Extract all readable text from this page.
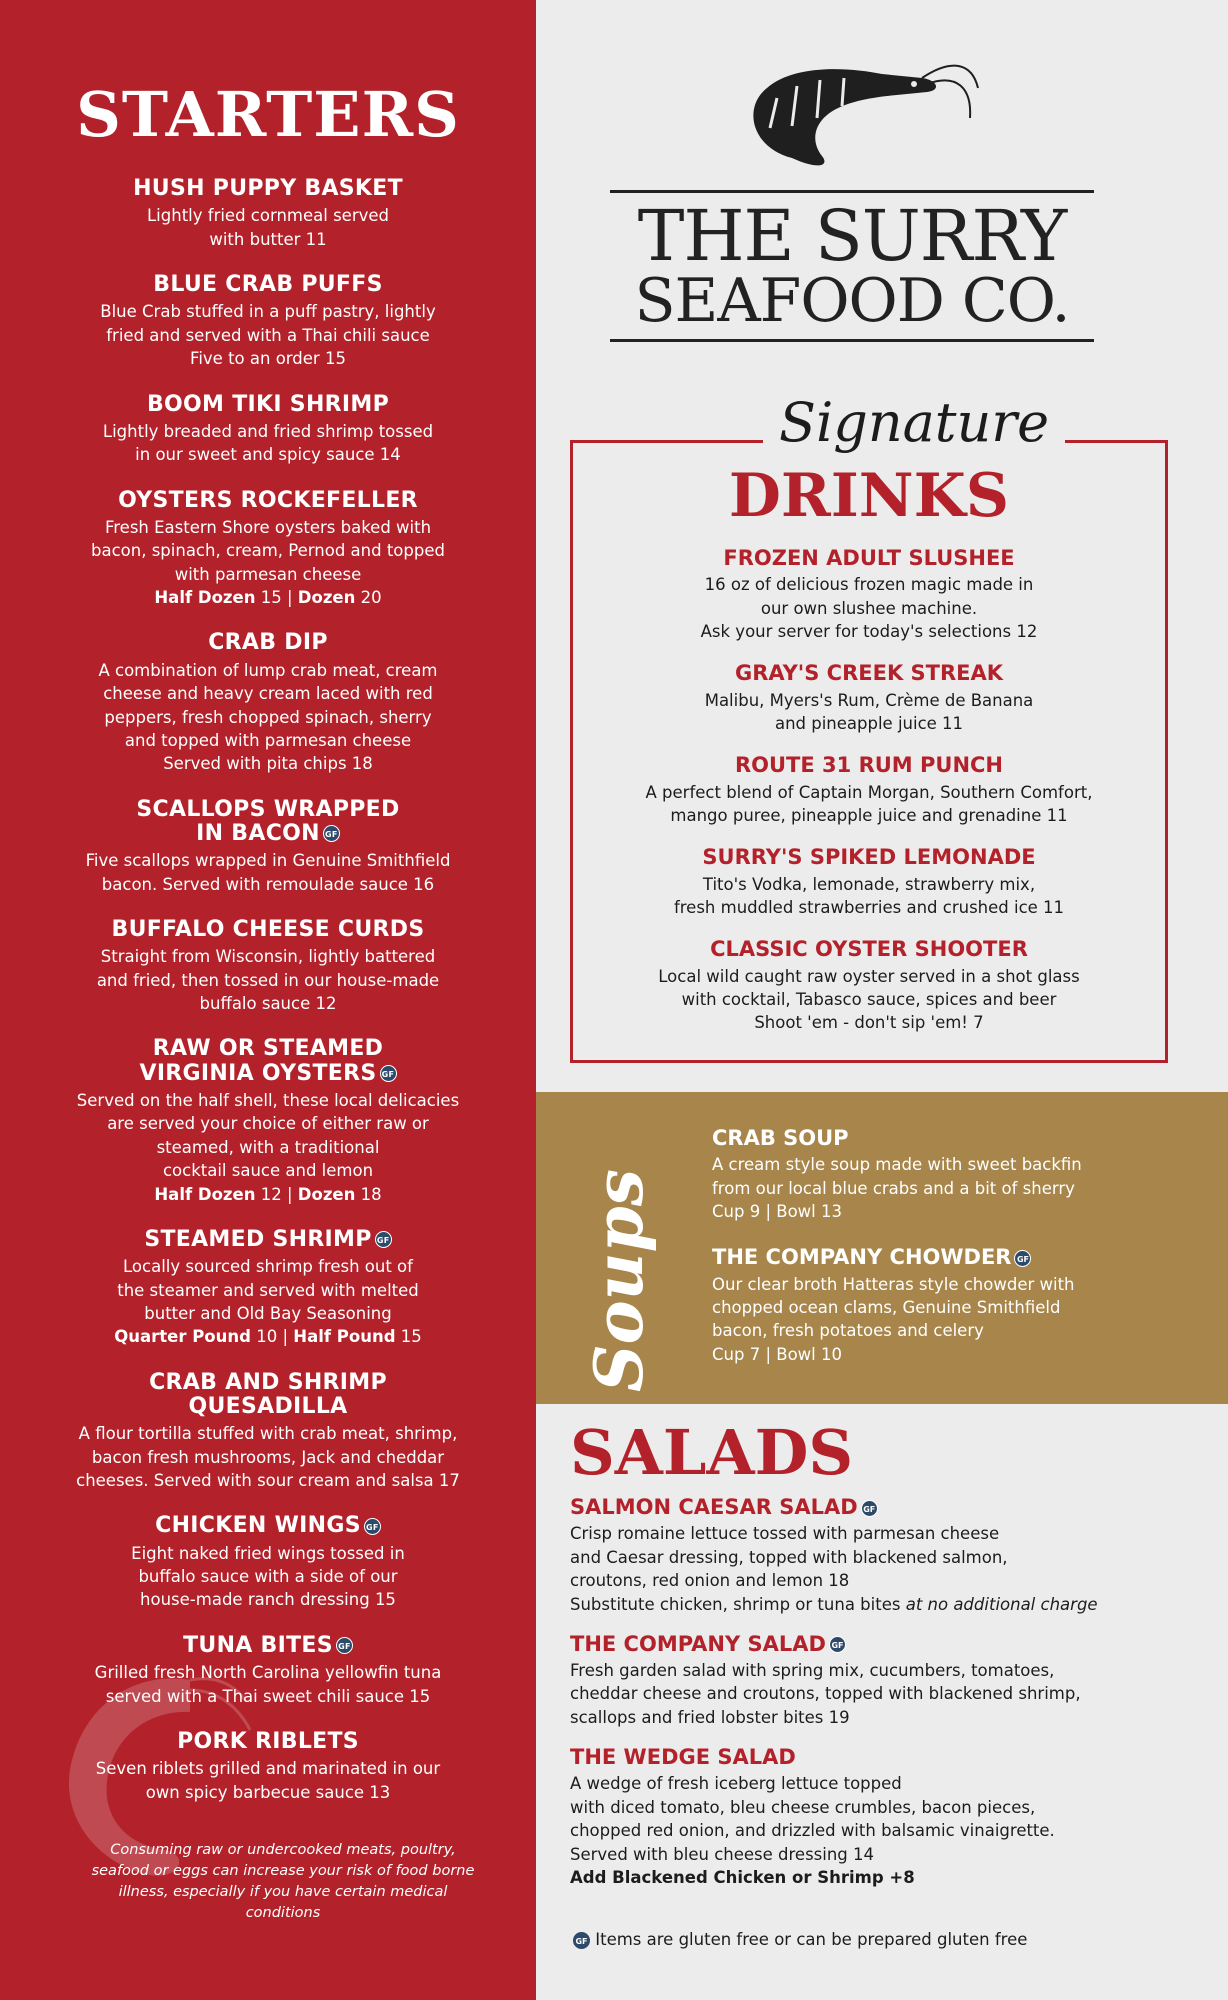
STARTERS
HUSH PUPPY BASKET
Lightly fried cornmeal served
with butter 11
BLUE CRAB PUFFS
Blue Crab stuffed in a puff pastry, lightly
fried and served with a Thai chili sauce
Five to an order 15
BOOM TIKI SHRIMP
Lightly breaded and fried shrimp tossed
in our sweet and spicy sauce 14
OYSTERS ROCKEFELLER
Fresh Eastern Shore oysters baked with
bacon, spinach, cream, Pernod and topped
with parmesan cheese
Half Dozen 15 | Dozen 20
CRAB DIP
A combination of lump crab meat, cream
cheese and heavy cream laced with red
peppers, fresh chopped spinach, sherry
and topped with parmesan cheese
Served with pita chips 18
SCALLOPS WRAPPED
IN BACON GF
Five scallops wrapped in Genuine Smithfield
bacon. Served with remoulade sauce 16
BUFFALO CHEESE CURDS
Straight from Wisconsin, lightly battered
and fried, then tossed in our house-made
buffalo sauce 12
RAW OR STEAMED
VIRGINIA OYSTERS GF
Served on the half shell, these local delicacies
are served your choice of either raw or
steamed, with a traditional
cocktail sauce and lemon
Half Dozen 12 | Dozen 18
STEAMED SHRIMP GF
Locally sourced shrimp fresh out of
the steamer and served with melted
butter and Old Bay Seasoning
Quarter Pound 10 | Half Pound 15
CRAB AND SHRIMP
QUESADILLA
A flour tortilla stuffed with crab meat, shrimp,
bacon fresh mushrooms, Jack and cheddar
cheeses. Served with sour cream and salsa 17
CHICKEN WINGS GF
Eight naked fried wings tossed in
buffalo sauce with a side of our
house-made ranch dressing 15
TUNA BITES GF
Grilled fresh North Carolina yellowfin tuna
served with a Thai sweet chili sauce 15
PORK RIBLETS
Seven riblets grilled and marinated in our
own spicy barbecue sauce 13
Consuming raw or undercooked meats, poultry, seafood or eggs can increase your risk of food borne illness, especially if you have certain medical conditions
THE SURRY
SEAFOOD CO.
Signature
DRINKS
FROZEN ADULT SLUSHEE
16 oz of delicious frozen magic made in
our own slushee machine.
Ask your server for today's selections 12
GRAY'S CREEK STREAK
Malibu, Myers's Rum, Crème de Banana
and pineapple juice 11
ROUTE 31 RUM PUNCH
A perfect blend of Captain Morgan, Southern Comfort,
mango puree, pineapple juice and grenadine 11
SURRY'S SPIKED LEMONADE
Tito's Vodka, lemonade, strawberry mix,
fresh muddled strawberries and crushed ice 11
CLASSIC OYSTER SHOOTER
Local wild caught raw oyster served in a shot glass
with cocktail, Tabasco sauce, spices and beer
Shoot 'em - don't sip 'em! 7
Soups
CRAB SOUP
A cream style soup made with sweet backfin
from our local blue crabs and a bit of sherry
Cup 9 | Bowl 13
THE COMPANY CHOWDER GF
Our clear broth Hatteras style chowder with
chopped ocean clams, Genuine Smithfield
bacon, fresh potatoes and celery
Cup 7 | Bowl 10
SALADS
SALMON CAESAR SALAD GF
Crisp romaine lettuce tossed with parmesan cheese
and Caesar dressing, topped with blackened salmon,
croutons, red onion and lemon 18
Substitute chicken, shrimp or tuna bites at no additional charge
THE COMPANY SALAD GF
Fresh garden salad with spring mix, cucumbers, tomatoes,
cheddar cheese and croutons, topped with blackened shrimp,
scallops and fried lobster bites 19
THE WEDGE SALAD
A wedge of fresh iceberg lettuce topped
with diced tomato, bleu cheese crumbles, bacon pieces,
chopped red onion, and drizzled with balsamic vinaigrette.
Served with bleu cheese dressing 14
Add Blackened Chicken or Shrimp +8
GF Items are gluten free or can be prepared gluten free
